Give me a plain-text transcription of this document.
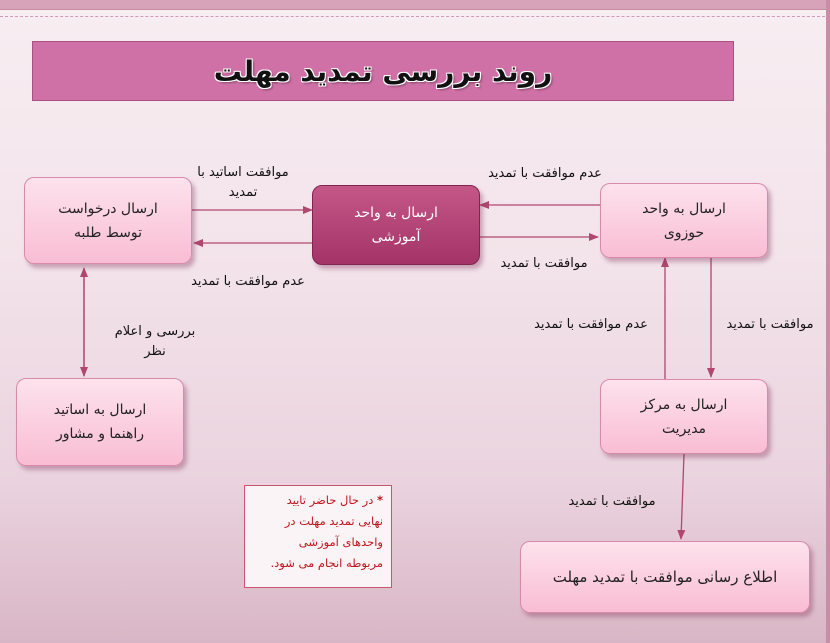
روند بررسی تمدید مهلت
ارسال درخواست
توسط طلبه
ارسال به واحد
آموزشی
ارسال به واحد
حوزوی
ارسال به اساتید
راهنما و مشاور
ارسال به مرکز
مدیریت
اطلاع رسانی موافقت با تمدید مهلت
موافقت اساتید با
تمدید
عدم موافقت با تمدید
عدم موافقت با تمدید
موافقت با تمدید
بررسی و اعلام
نظر
عدم موافقت با تمدید	موافقت با تمدید
موافقت با تمدید
* در حال حاضر تایید
نهایی تمدید مهلت در
واحدهای آموزشی
مربوطه انجام می شود.
